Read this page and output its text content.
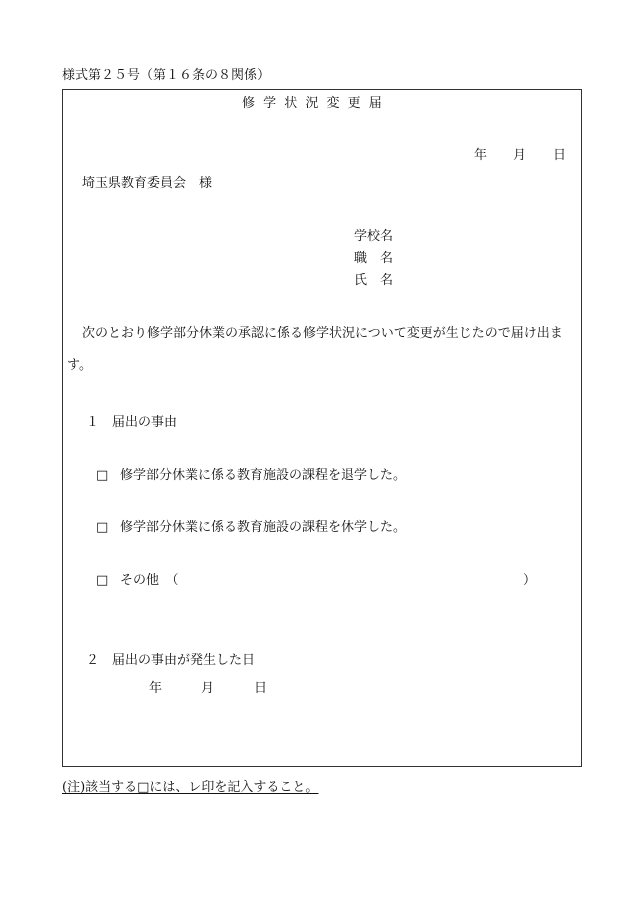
様式第２５号（第１６条の８関係）
修 学 状 況 変 更 届
年 月 日
埼玉県教育委員会　様
学校名
職　名
氏　名
次のとおり修学部分休業の承認に係る修学状況について変更が生じたので届け出ま
す。
１　届出の事由
□ 修学部分休業に係る教育施設の課程を退学した。
□ 修学部分休業に係る教育施設の課程を休学した。
□ その他　（	）
２　届出の事由が発生した日
年	月	日
(注)該当する□には、レ印を記入すること。
